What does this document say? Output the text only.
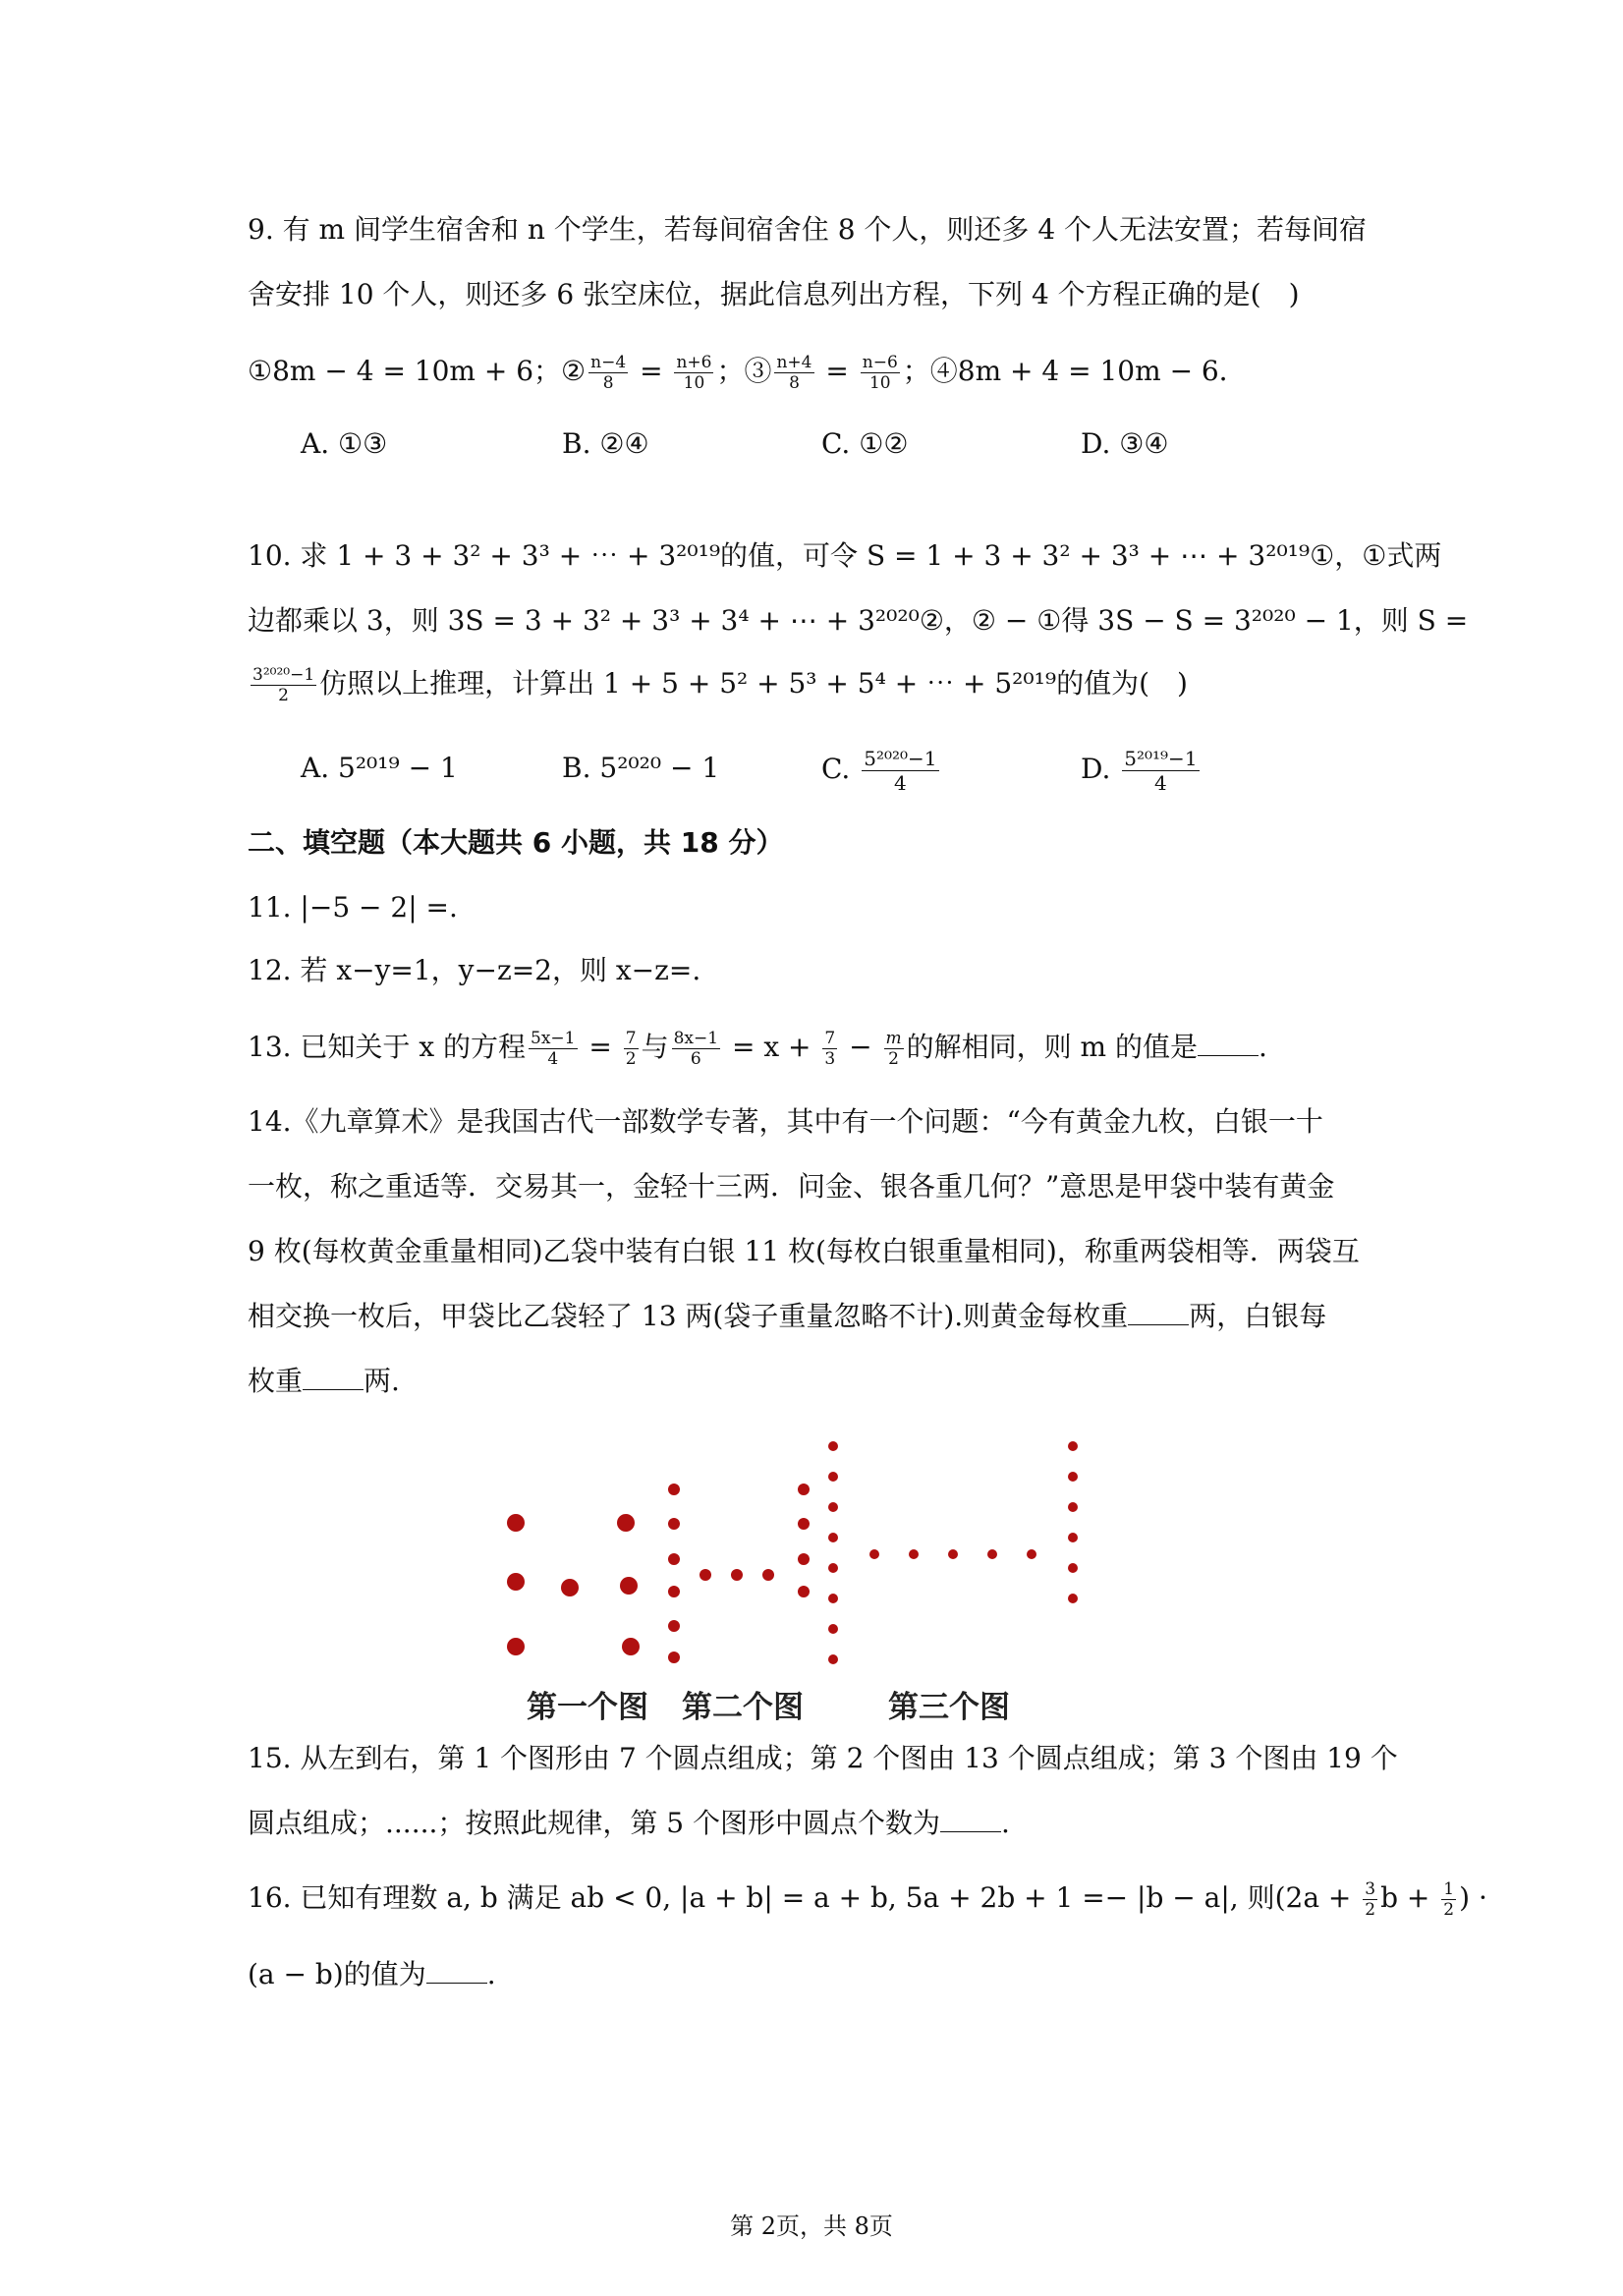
9. 有 m 间学生宿舍和 n 个学生，若每间宿舍住 8 个人，则还多 4 个人无法安置；若每间宿
舍安排 10 个人，则还多 6 张空床位，据此信息列出方程，下列 4 个方程正确的是(　)
①8m − 4 = 10m + 6；② $\frac{n-4}{8} = \frac{n+6}{10}$ ；③ $\frac{n+4}{8} = \frac{n-6}{10}$ ；④8m + 4 = 10m − 6．
A. ①③	B. ②④	C. ①②	D. ③④
10. 求 1 + 3 + 3² + 3³ + ⋯ + 3²⁰¹⁹的值，可令 S = 1 + 3 + 3² + 3³ + ⋯ + 3²⁰¹⁹①，①式两
边都乘以 3，则 3S = 3 + 3² + 3³ + 3⁴ + ⋯ + 3²⁰²⁰②，② − ①得 3S − S = 3²⁰²⁰ − 1，则 S =
$\frac{\text{3²⁰²⁰−1}}{2}$ 仿照以上推理，计算出 1 + 5 + 5² + 5³ + 5⁴ + ⋯ + 5²⁰¹⁹的值为(　)
A. 5²⁰¹⁹ − 1	B. 5²⁰²⁰ − 1	C. $\frac{\text{5²⁰²⁰−1}}{4}$	D. $\frac{\text{5²⁰¹⁹−1}}{4}$
二、填空题（本大题共 6 小题，共 18 分）
11. |−5 − 2| =.
12. 若 x−y=1，y−z=2，则 x−z=.
13. 已知关于 x 的方程 $\frac{5x-1}{4} = \frac{7}{2}$ 与 $\frac{8x-1}{6} = x + \frac{7}{3} - \frac{m}{2}$ 的解相同，则 m 的值是 .
14.《九章算术》是我国古代一部数学专著，其中有一个问题：“今有黄金九枚，白银一十
一枚，称之重适等．交易其一，金轻十三两．问金、银各重几何？”意思是甲袋中装有黄金
9 枚(每枚黄金重量相同)乙袋中装有白银 11 枚(每枚白银重量相同)，称重两袋相等．两袋互
相交换一枚后，甲袋比乙袋轻了 13 两(袋子重量忽略不计).则黄金每枚重 两，白银每
枚重 两.
第一个图 第二个图	第三个图
15. 从左到右，第 1 个图形由 7 个圆点组成；第 2 个图由 13 个圆点组成；第 3 个图由 19 个
圆点组成；......；按照此规律，第 5 个图形中圆点个数为 .
16. 已知有理数 a, b 满足 ab < 0, |a + b| = a + b, 5a + 2b + 1 =− |b − a|, 则($2a + \frac{3}{2}$ $b + \frac{1}{2}$ ) ·
(a − b)的值为 .
第 2页，共 8页
